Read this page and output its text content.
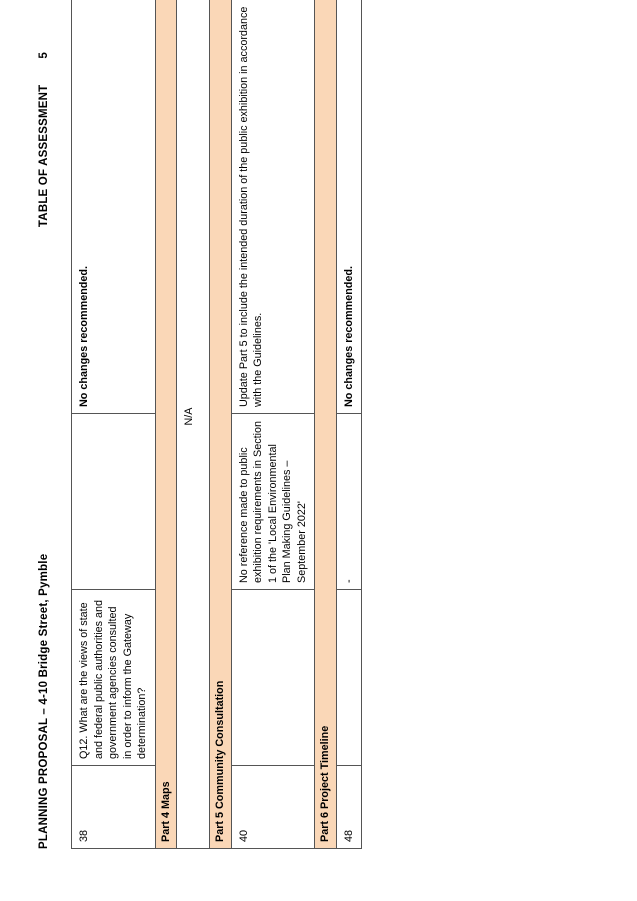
PLANNING PROPOSAL – 4-10 Bridge Street, Pymble
TABLE OF ASSESSMENT5
38	Q12. What are the views of state and federal public authorities and government agencies consulted in order to inform the Gateway determination?		No changes recommended.
Part 4 Maps			
N/A			
Part 5 Community Consultation			
40		No reference made to public exhibition requirements in Section 1 of the 'Local Environmental Plan Making Guidelines – September 2022'	Update Part 5 to include the intended duration of the public exhibition in accordance with the Guidelines.
Part 6 Project Timeline			
48		-	No changes recommended.
